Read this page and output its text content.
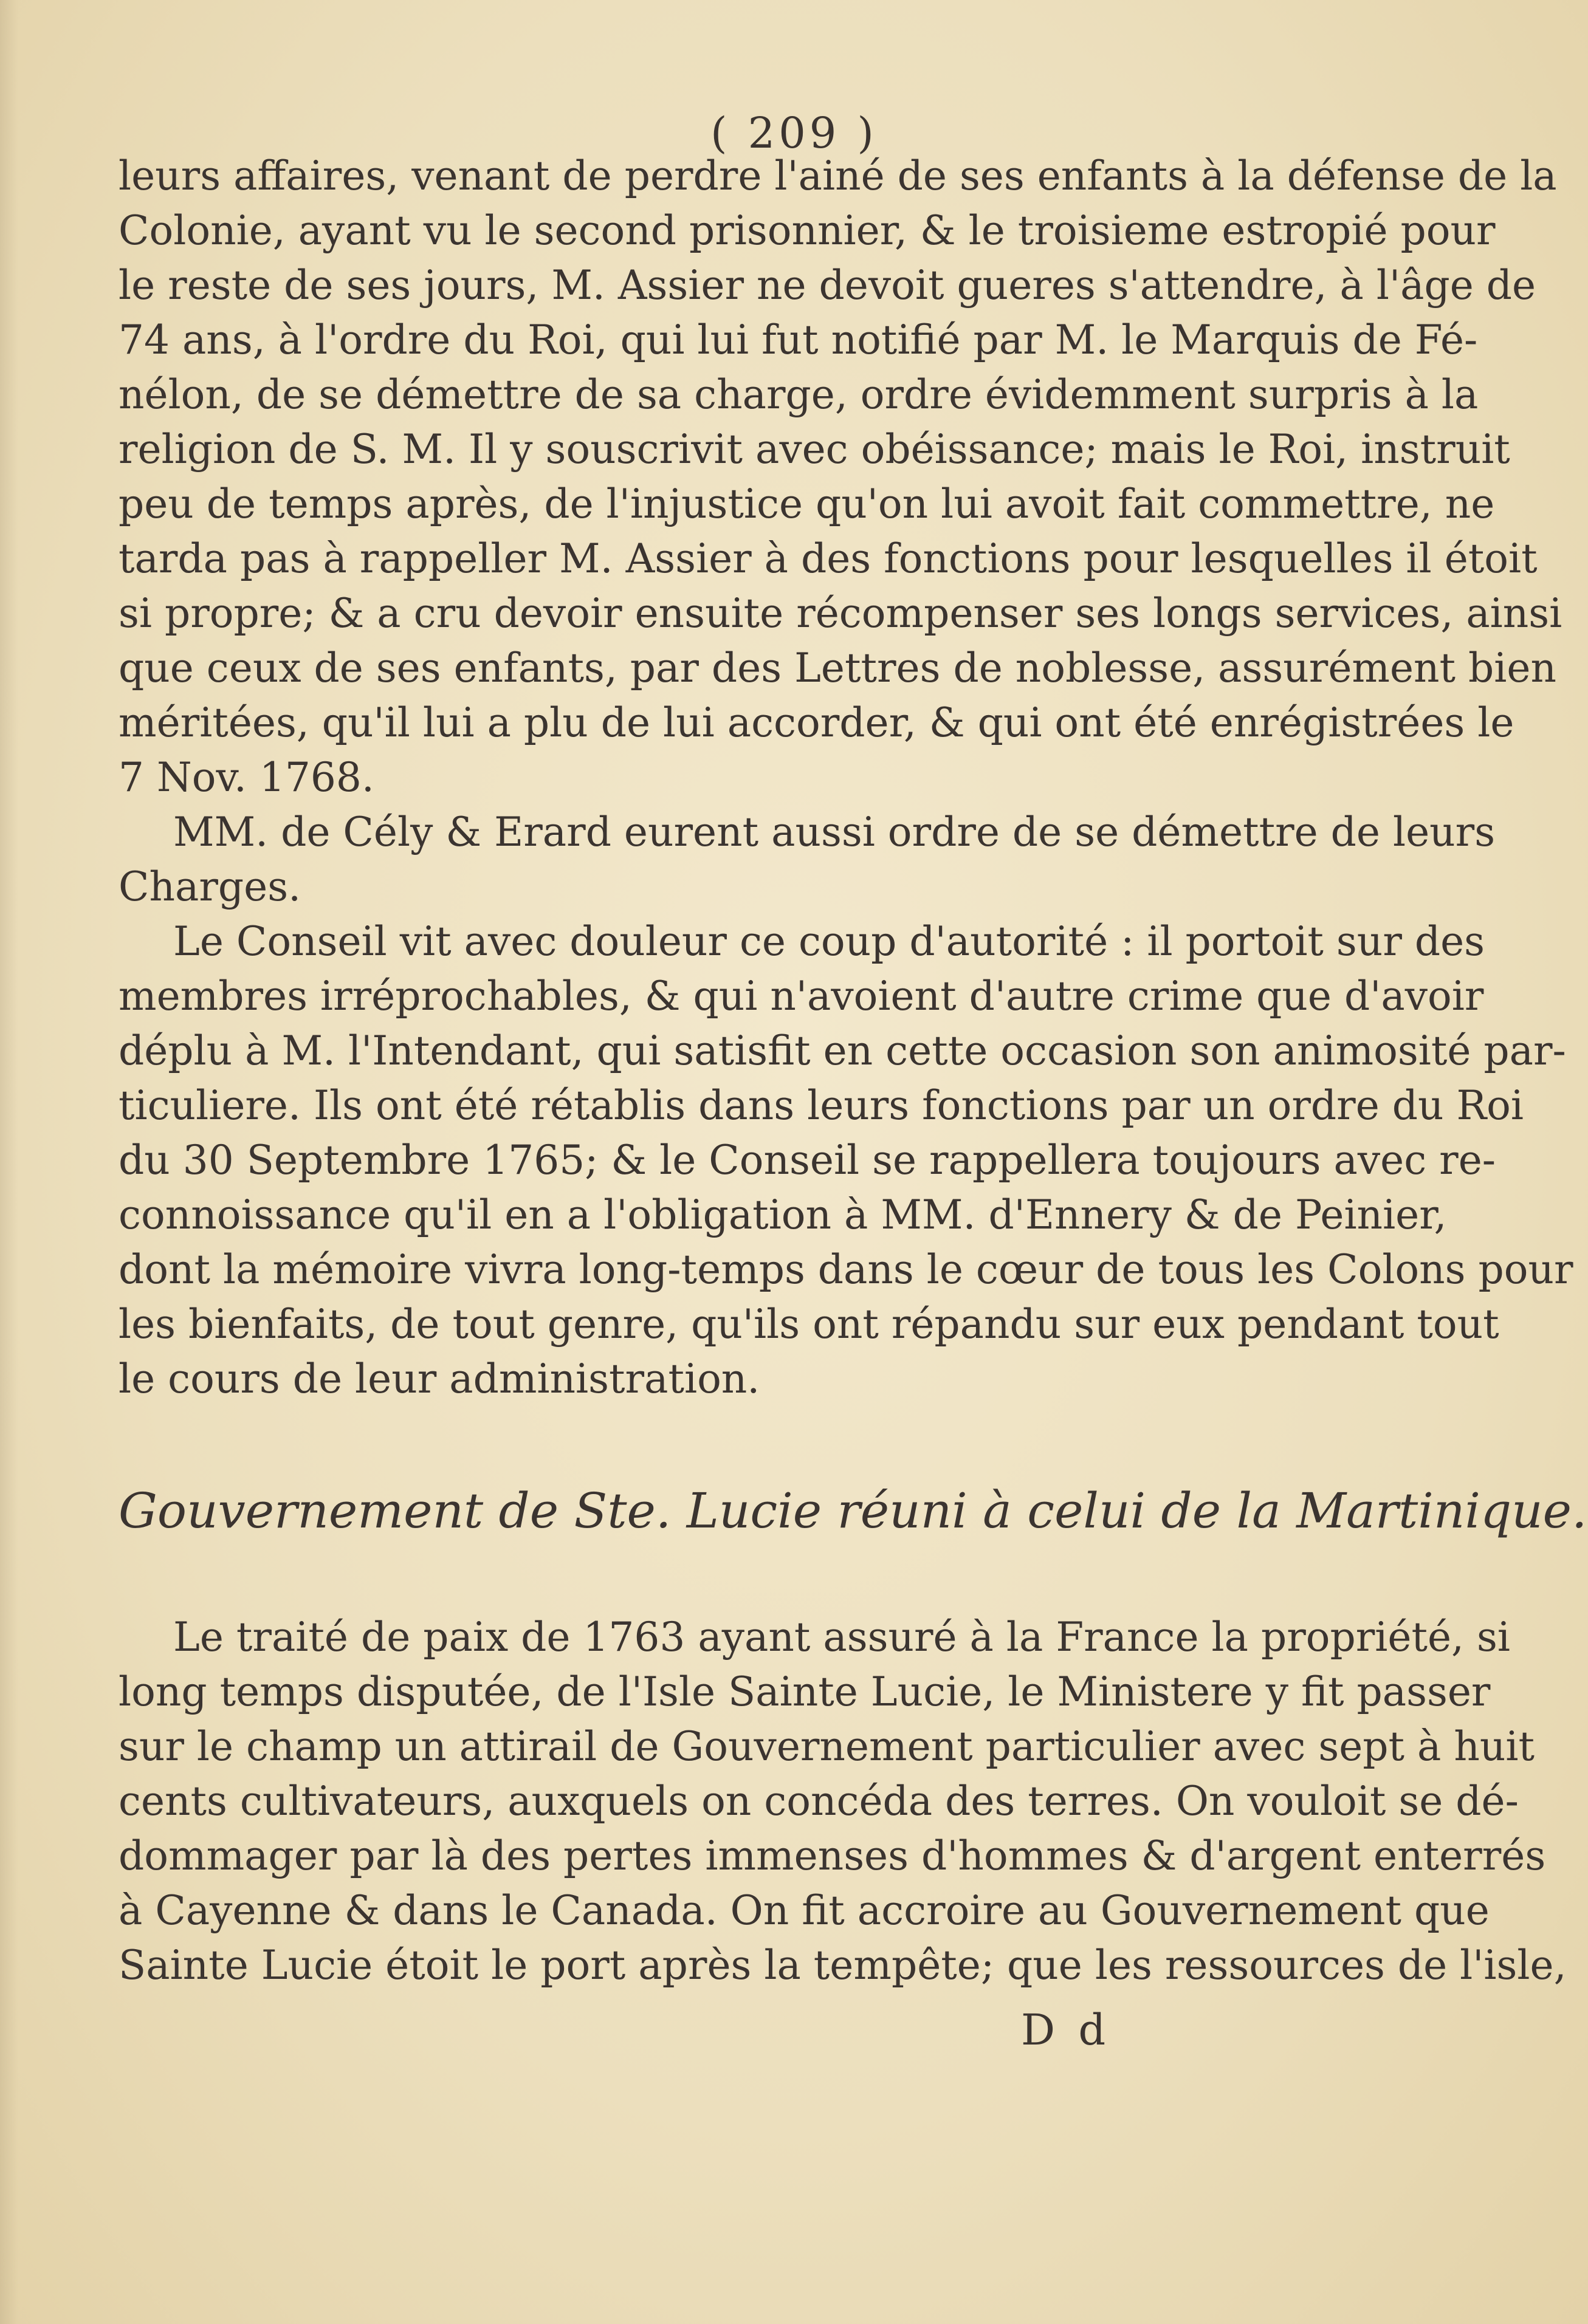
( 209 )

leurs affaires, venant de perdre l'ainé de ses enfants à la défense de la

Colonie, ayant vu le second prisonnier, & le troisieme estropié pour

le reste de ses jours, M. Assier ne devoit gueres s'attendre, à l'âge de

74 ans, à l'ordre du Roi, qui lui fut notifié par M. le Marquis de Fé-

nélon, de se démettre de sa charge, ordre évidemment surpris à la

religion de S. M. Il y souscrivit avec obéissance; mais le Roi, instruit

peu de temps après, de l'injustice qu'on lui avoit fait commettre, ne

tarda pas à rappeller M. Assier à des fonctions pour lesquelles il étoit

si propre; & a cru devoir ensuite récompenser ses longs services, ainsi

que ceux de ses enfants, par des Lettres de noblesse, assurément bien

méritées, qu'il lui a plu de lui accorder, & qui ont été enrégistrées le

7 Nov. 1768.

MM. de Cély & Erard eurent aussi ordre de se démettre de leurs

Charges.

Le Conseil vit avec douleur ce coup d'autorité : il portoit sur des

membres irréprochables, & qui n'avoient d'autre crime que d'avoir

déplu à M. l'Intendant, qui satisfit en cette occasion son animosité par-

ticuliere. Ils ont été rétablis dans leurs fonctions par un ordre du Roi

du 30 Septembre 1765; & le Conseil se rappellera toujours avec re-

connoissance qu'il en a l'obligation à MM. d'Ennery & de Peinier,

dont la mémoire vivra long-temps dans le cœur de tous les Colons pour

les bienfaits, de tout genre, qu'ils ont répandu sur eux pendant tout

le cours de leur administration.

Gouvernement de Ste. Lucie réuni à celui de la Martinique.

Le traité de paix de 1763 ayant assuré à la France la propriété, si

long temps disputée, de l'Isle Sainte Lucie, le Ministere y fit passer

sur le champ un attirail de Gouvernement particulier avec sept à huit

cents cultivateurs, auxquels on concéda des terres. On vouloit se dé-

dommager par là des pertes immenses d'hommes & d'argent enterrés

à Cayenne & dans le Canada. On fit accroire au Gouvernement que

Sainte Lucie étoit le port après la tempête; que les ressources de l'isle,

D d
